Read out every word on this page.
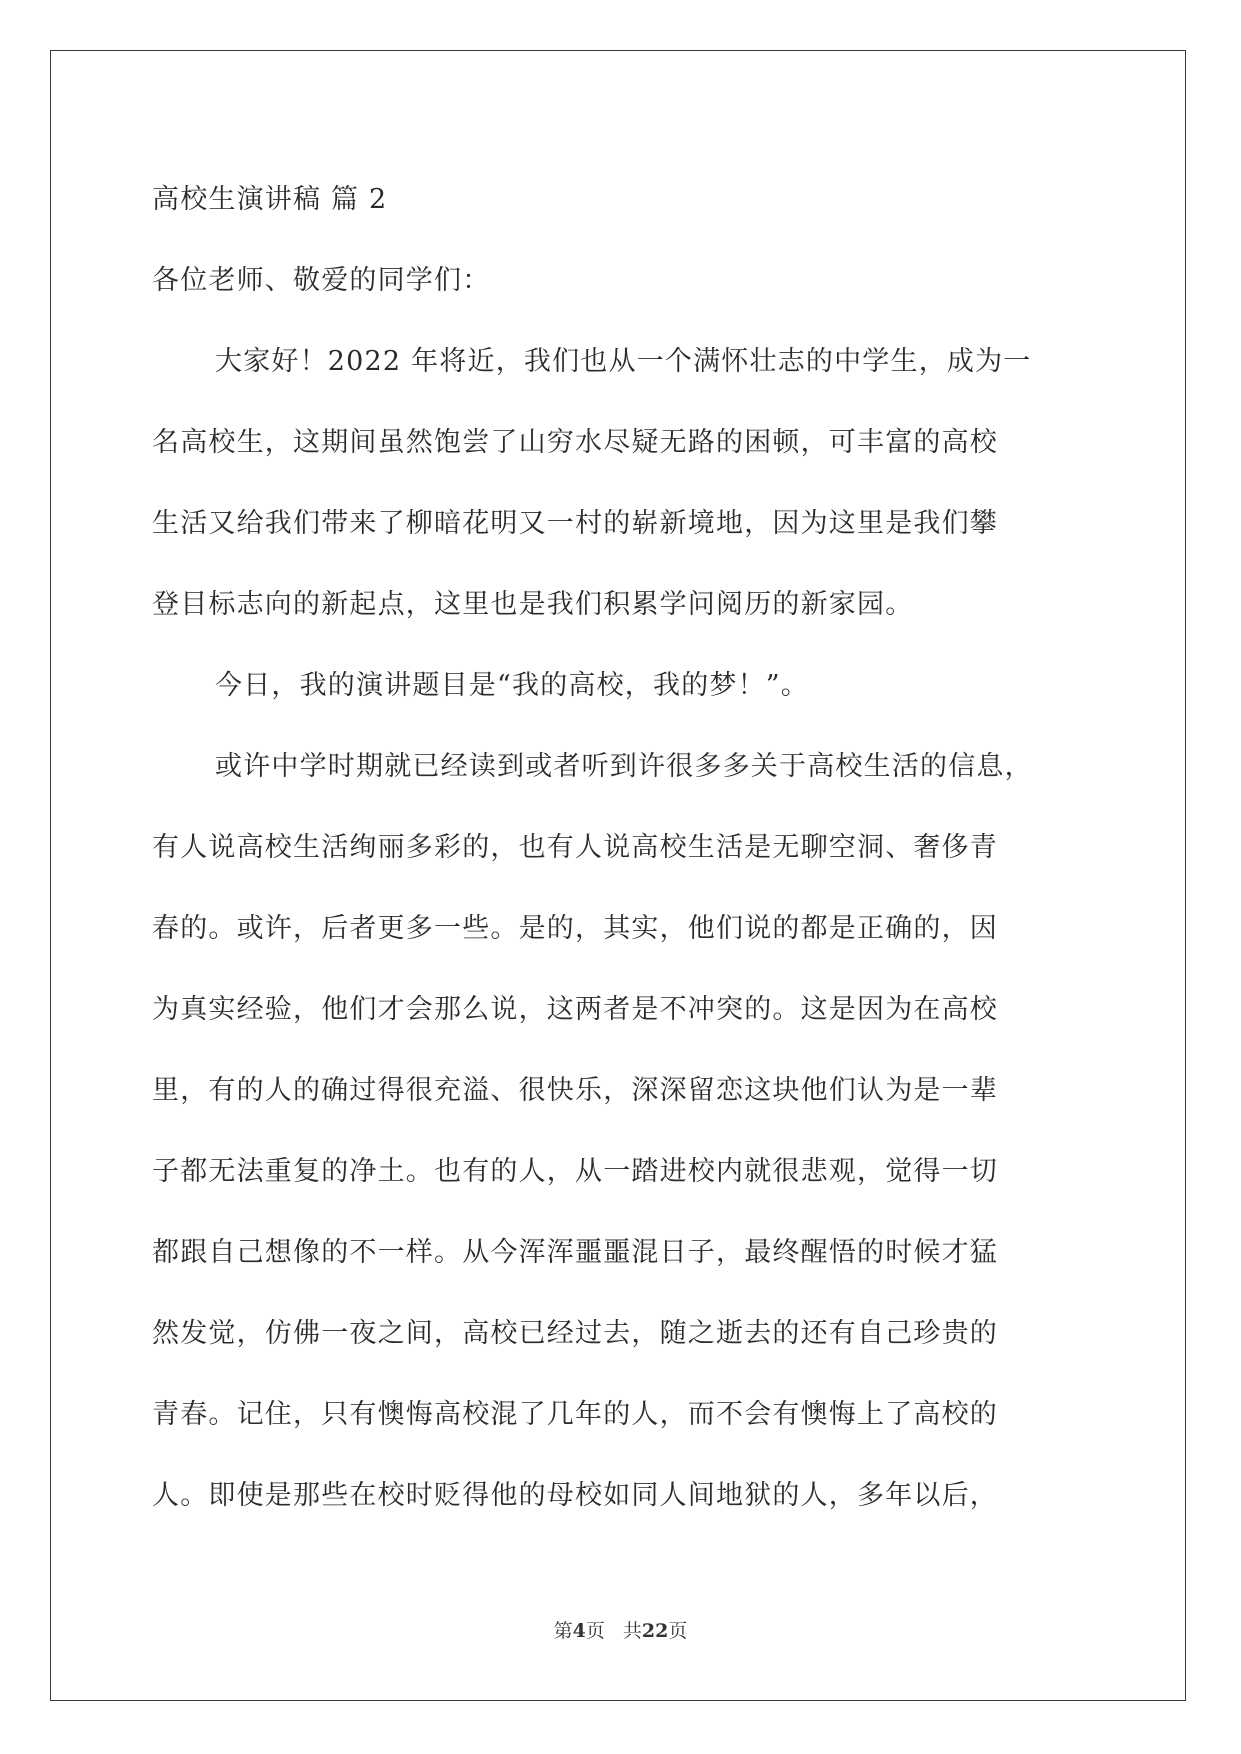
高校生演讲稿 篇 2
各位老师、敬爱的同学们：
大家好！2022 年将近，我们也从一个满怀壮志的中学生，成为一
名高校生，这期间虽然饱尝了山穷水尽疑无路的困顿，可丰富的高校
生活又给我们带来了柳暗花明又一村的崭新境地，因为这里是我们攀
登目标志向的新起点，这里也是我们积累学问阅历的新家园。
今日，我的演讲题目是“我的高校，我的梦！”。
或许中学时期就已经读到或者听到许很多多关于高校生活的信息，
有人说高校生活绚丽多彩的，也有人说高校生活是无聊空洞、奢侈青
春的。或许，后者更多一些。是的，其实，他们说的都是正确的，因
为真实经验，他们才会那么说，这两者是不冲突的。这是因为在高校
里，有的人的确过得很充溢、很快乐，深深留恋这块他们认为是一辈
子都无法重复的净土。也有的人，从一踏进校内就很悲观，觉得一切
都跟自己想像的不一样。从今浑浑噩噩混日子，最终醒悟的时候才猛
然发觉，仿佛一夜之间，高校已经过去，随之逝去的还有自己珍贵的
青春。记住，只有懊悔高校混了几年的人，而不会有懊悔上了高校的
人。即使是那些在校时贬得他的母校如同人间地狱的人，多年以后，
第4页 共22页
